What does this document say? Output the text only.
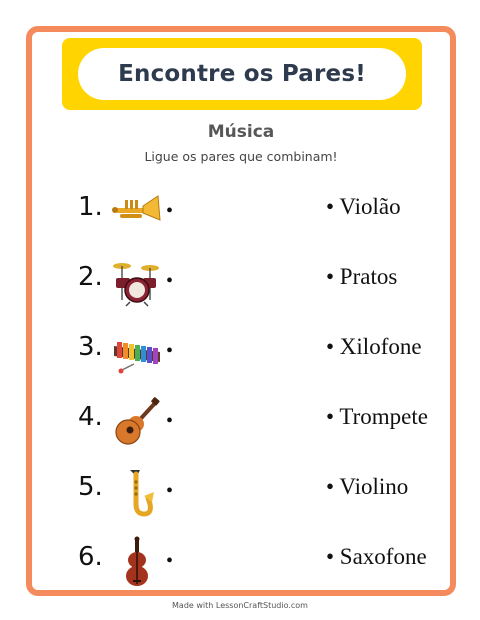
Encontre os Pares!
Música
Ligue os pares que combinam!
1.	•	• Violão
2.	•	• Pratos
3.	•	• Xilofone
4.	•	• Trompete
5.	•	• Violino
6.	•	• Saxofone
Made with LessonCraftStudio.com
